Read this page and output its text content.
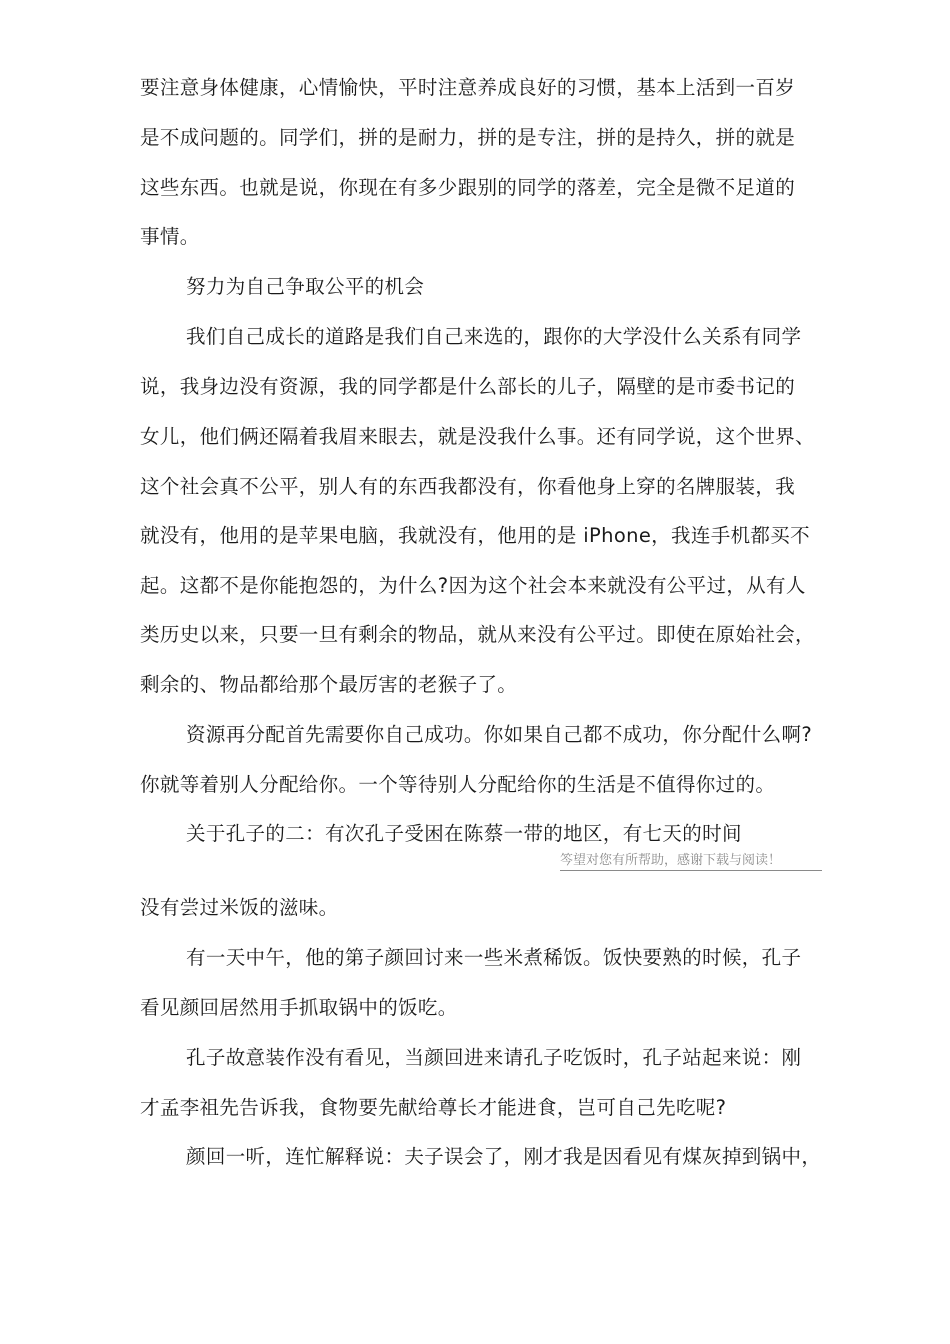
要注意身体健康，心情愉快，平时注意养成良好的习惯，基本上活到一百岁
是不成问题的。同学们，拼的是耐力，拼的是专注，拼的是持久，拼的就是
这些东西。也就是说，你现在有多少跟别的同学的落差，完全是微不足道的
事情。
努力为自己争取公平的机会
我们自己成长的道路是我们自己来选的，跟你的大学没什么关系有同学
说，我身边没有资源，我的同学都是什么部长的儿子，隔壁的是市委书记的
女儿，他们俩还隔着我眉来眼去，就是没我什么事。还有同学说，这个世界、
这个社会真不公平，别人有的东西我都没有，你看他身上穿的名牌服装，我
就没有，他用的是苹果电脑，我就没有，他用的是 iPhone，我连手机都买不
起。这都不是你能抱怨的，为什么?因为这个社会本来就没有公平过，从有人
类历史以来，只要一旦有剩余的物品，就从来没有公平过。即使在原始社会，
剩余的、物品都给那个最厉害的老猴子了。
资源再分配首先需要你自己成功。你如果自己都不成功，你分配什么啊?
你就等着别人分配给你。一个等待别人分配给你的生活是不值得你过的。
关于孔子的二：有次孔子受困在陈蔡一带的地区，有七天的时间
笒望对您有所帮助，感谢下载与阅读！
没有尝过米饭的滋味。
有一天中午，他的第子颜回讨来一些米煮稀饭。饭快要熟的时候，孔子
看见颜回居然用手抓取锅中的饭吃。
孔子故意装作没有看见，当颜回进来请孔子吃饭时，孔子站起来说：刚
才孟李祖先告诉我，食物要先献给尊长才能进食，岂可自己先吃呢?
颜回一听，连忙解释说：夫子误会了，刚才我是因看见有煤灰掉到锅中，
